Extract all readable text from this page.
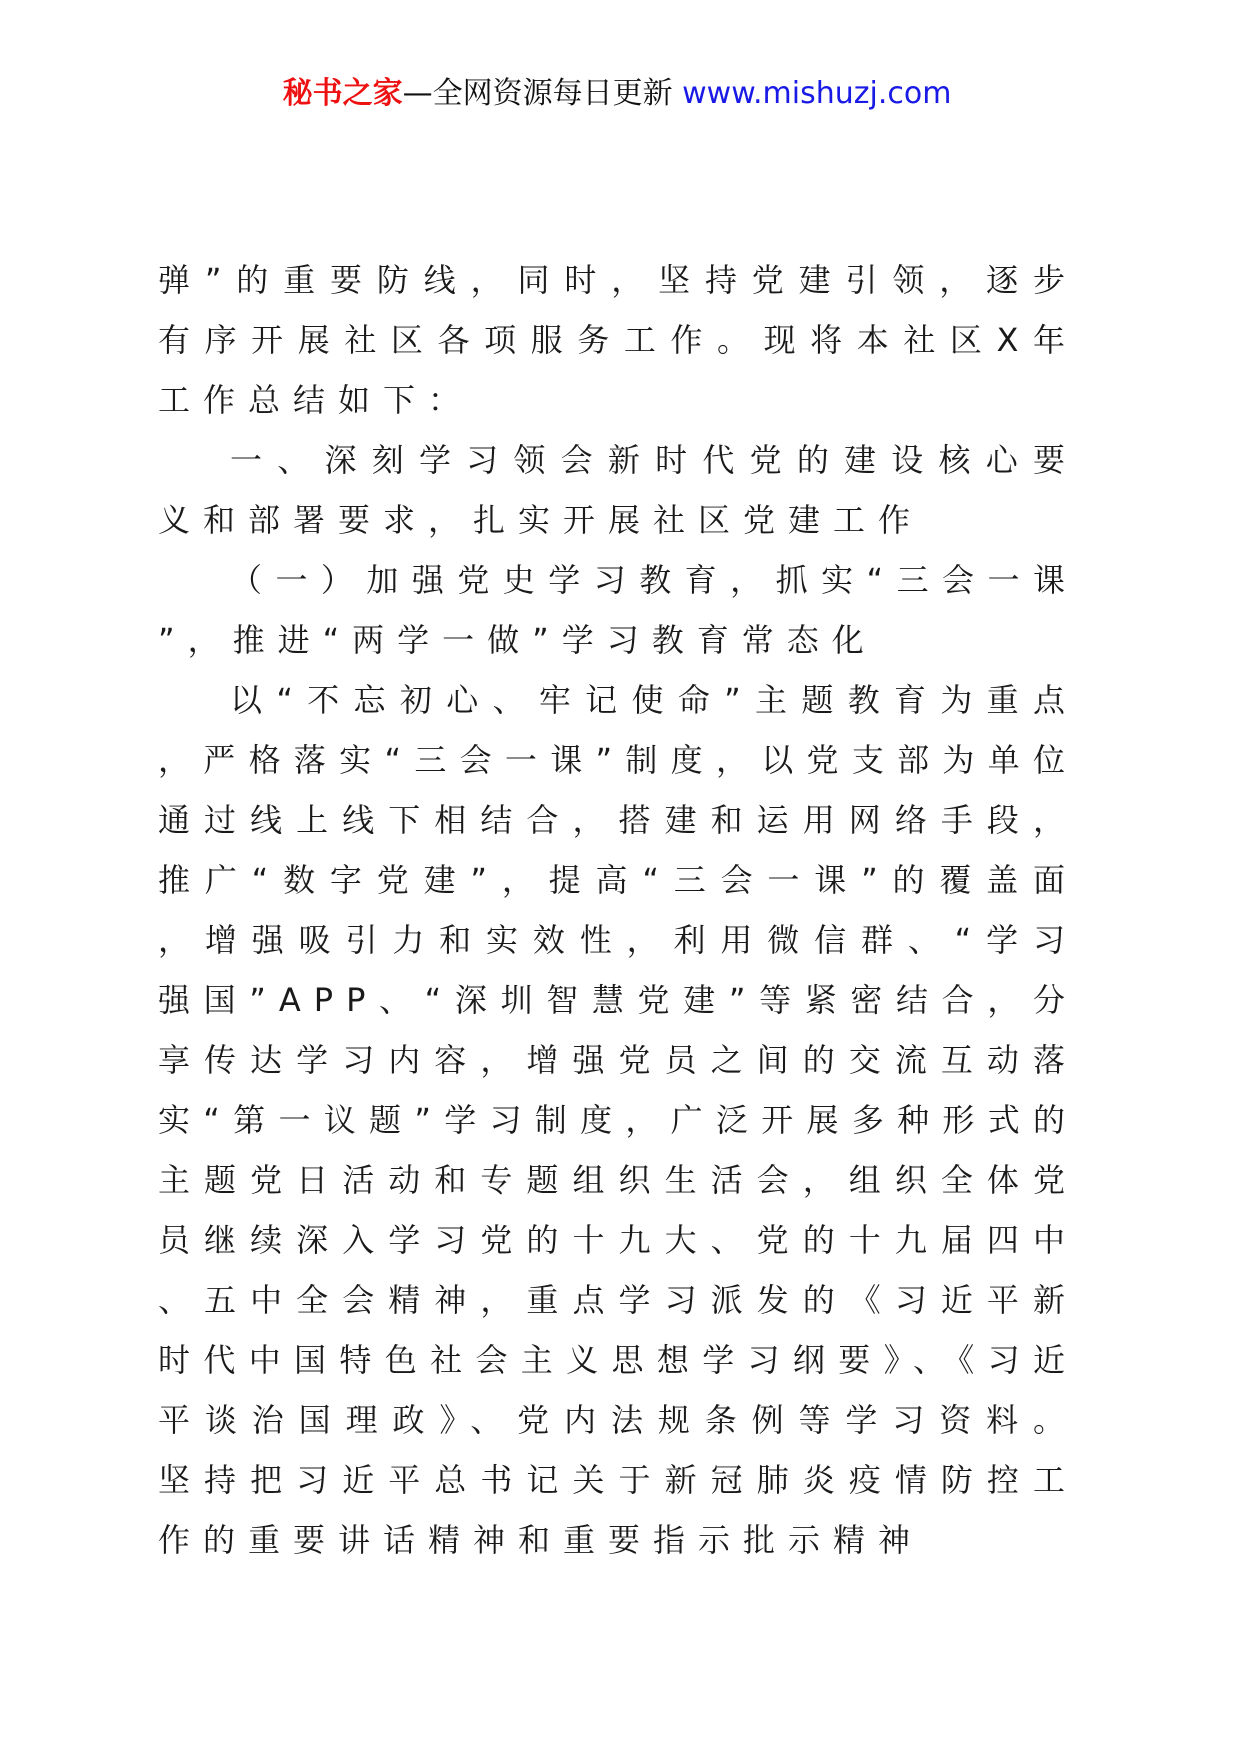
秘书之家—全网资源每日更新 www.mishuzj.com

弹”的重要防线，同时，坚持党建引领，逐步有序开展社区各项服务工作。现将本社区X年工作总结如下：

一、深刻学习领会新时代党的建设核心要义和部署要求，扎实开展社区党建工作

（一）加强党史学习教育，抓实“三会一课”，推进“两学一做”学习教育常态化

以“不忘初心、牢记使命”主题教育为重点，严格落实“三会一课”制度，以党支部为单位通过线上线下相结合，搭建和运用网络手段，推广“数字党建”，提高“三会一课”的覆盖面，增强吸引力和实效性，利用微信群、“学习强国”APP、“深圳智慧党建”等紧密结合，分享传达学习内容，增强党员之间的交流互动落实“第一议题”学习制度，广泛开展多种形式的主题党日活动和专题组织生活会，组织全体党员继续深入学习党的十九大、党的十九届四中、五中全会精神，重点学习派发的《习近平新时代中国特色社会主义思想学习纲要》、《习近平谈治国理政》、党内法规条例等学习资料。坚持把习近平总书记关于新冠肺炎疫情防控工作的重要讲话精神和重要指示批示精神
